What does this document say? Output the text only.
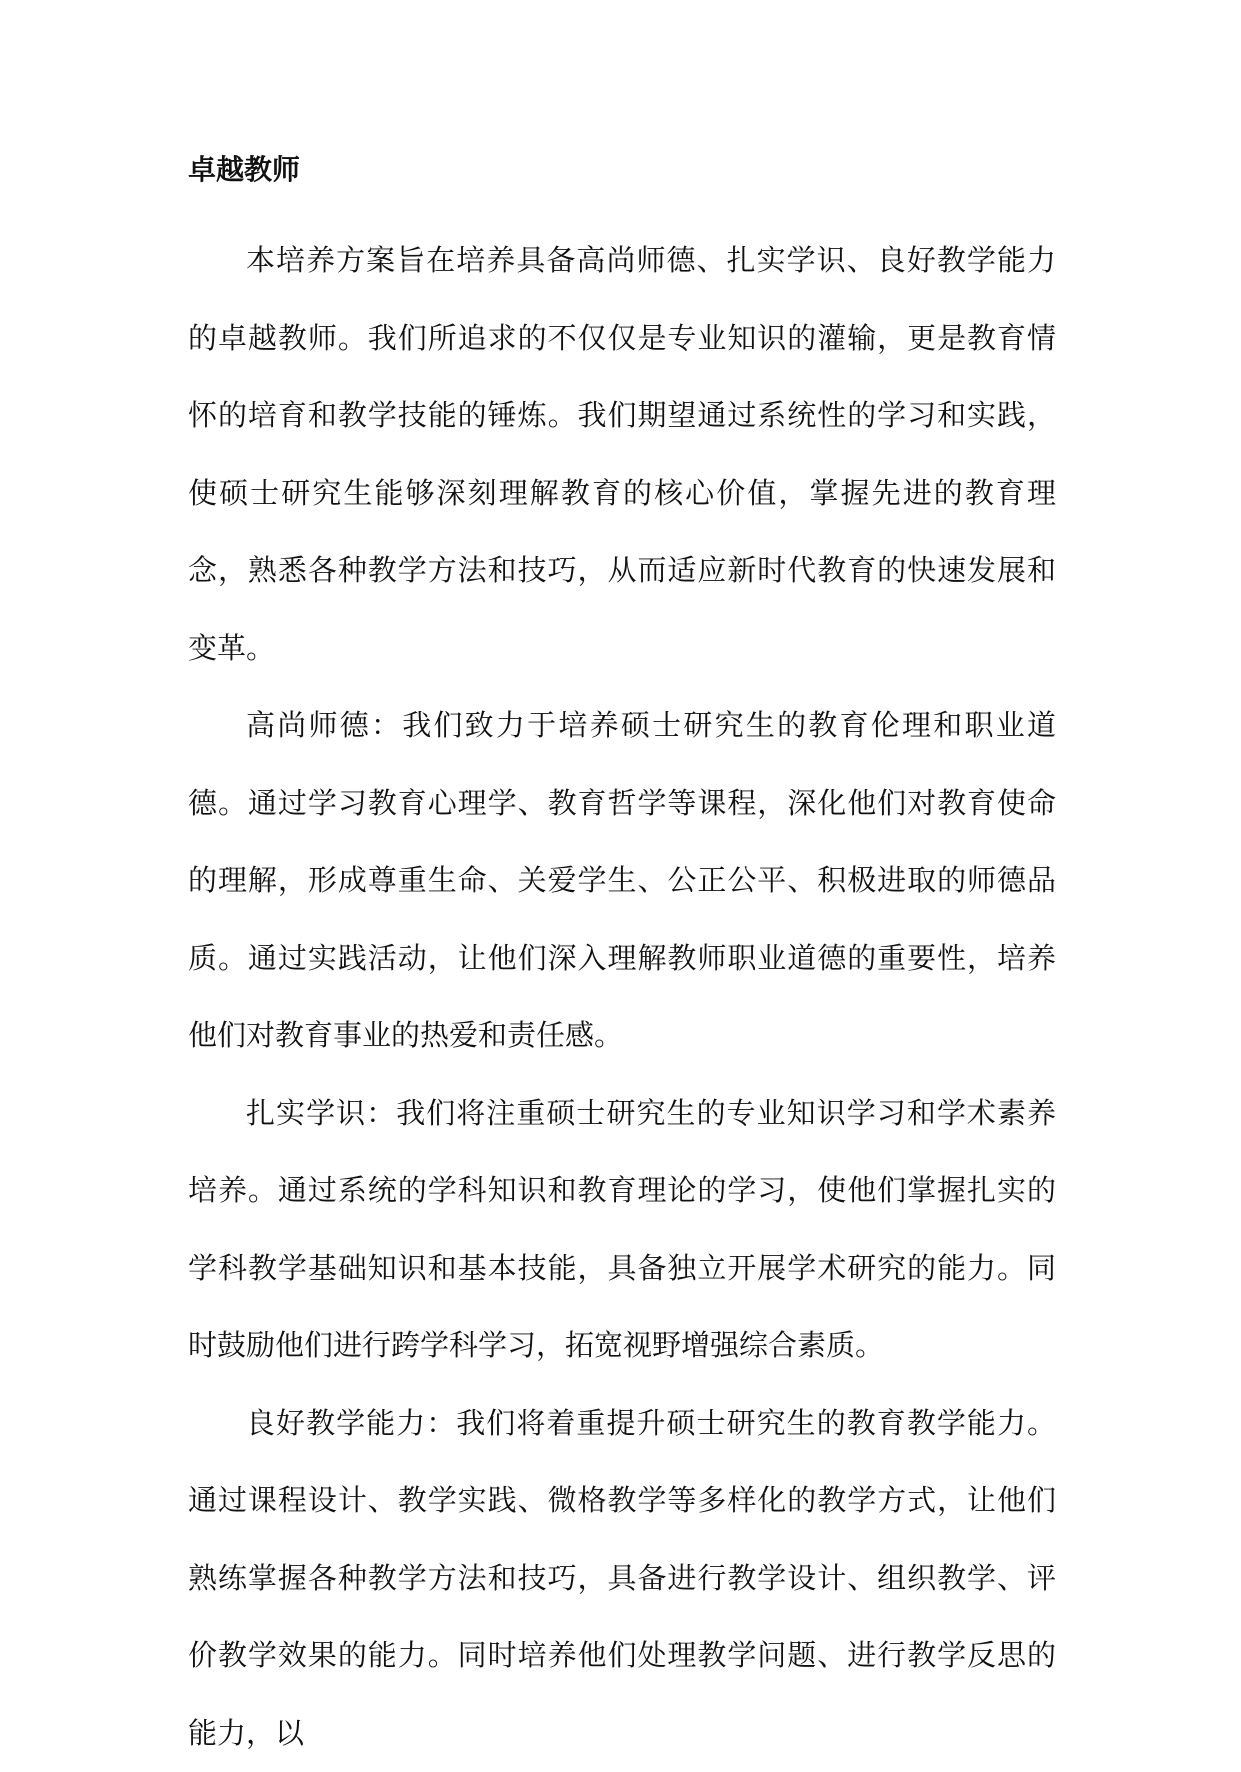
卓越教师

本培养方案旨在培养具备高尚师德、扎实学识、良好教学能力的卓越教师。我们所追求的不仅仅是专业知识的灌输，更是教育情怀的培育和教学技能的锤炼。我们期望通过系统性的学习和实践，使硕士研究生能够深刻理解教育的核心价值，掌握先进的教育理念，熟悉各种教学方法和技巧，从而适应新时代教育的快速发展和变革。

高尚师德：我们致力于培养硕士研究生的教育伦理和职业道德。通过学习教育心理学、教育哲学等课程，深化他们对教育使命的理解，形成尊重生命、关爱学生、公正公平、积极进取的师德品质。通过实践活动，让他们深入理解教师职业道德的重要性，培养他们对教育事业的热爱和责任感。

扎实学识：我们将注重硕士研究生的专业知识学习和学术素养培养。通过系统的学科知识和教育理论的学习，使他们掌握扎实的学科教学基础知识和基本技能，具备独立开展学术研究的能力。同时鼓励他们进行跨学科学习，拓宽视野增强综合素质。

良好教学能力：我们将着重提升硕士研究生的教育教学能力。通过课程设计、教学实践、微格教学等多样化的教学方式，让他们熟练掌握各种教学方法和技巧，具备进行教学设计、组织教学、评价教学效果的能力。同时培养他们处理教学问题、进行教学反思的能力，以
